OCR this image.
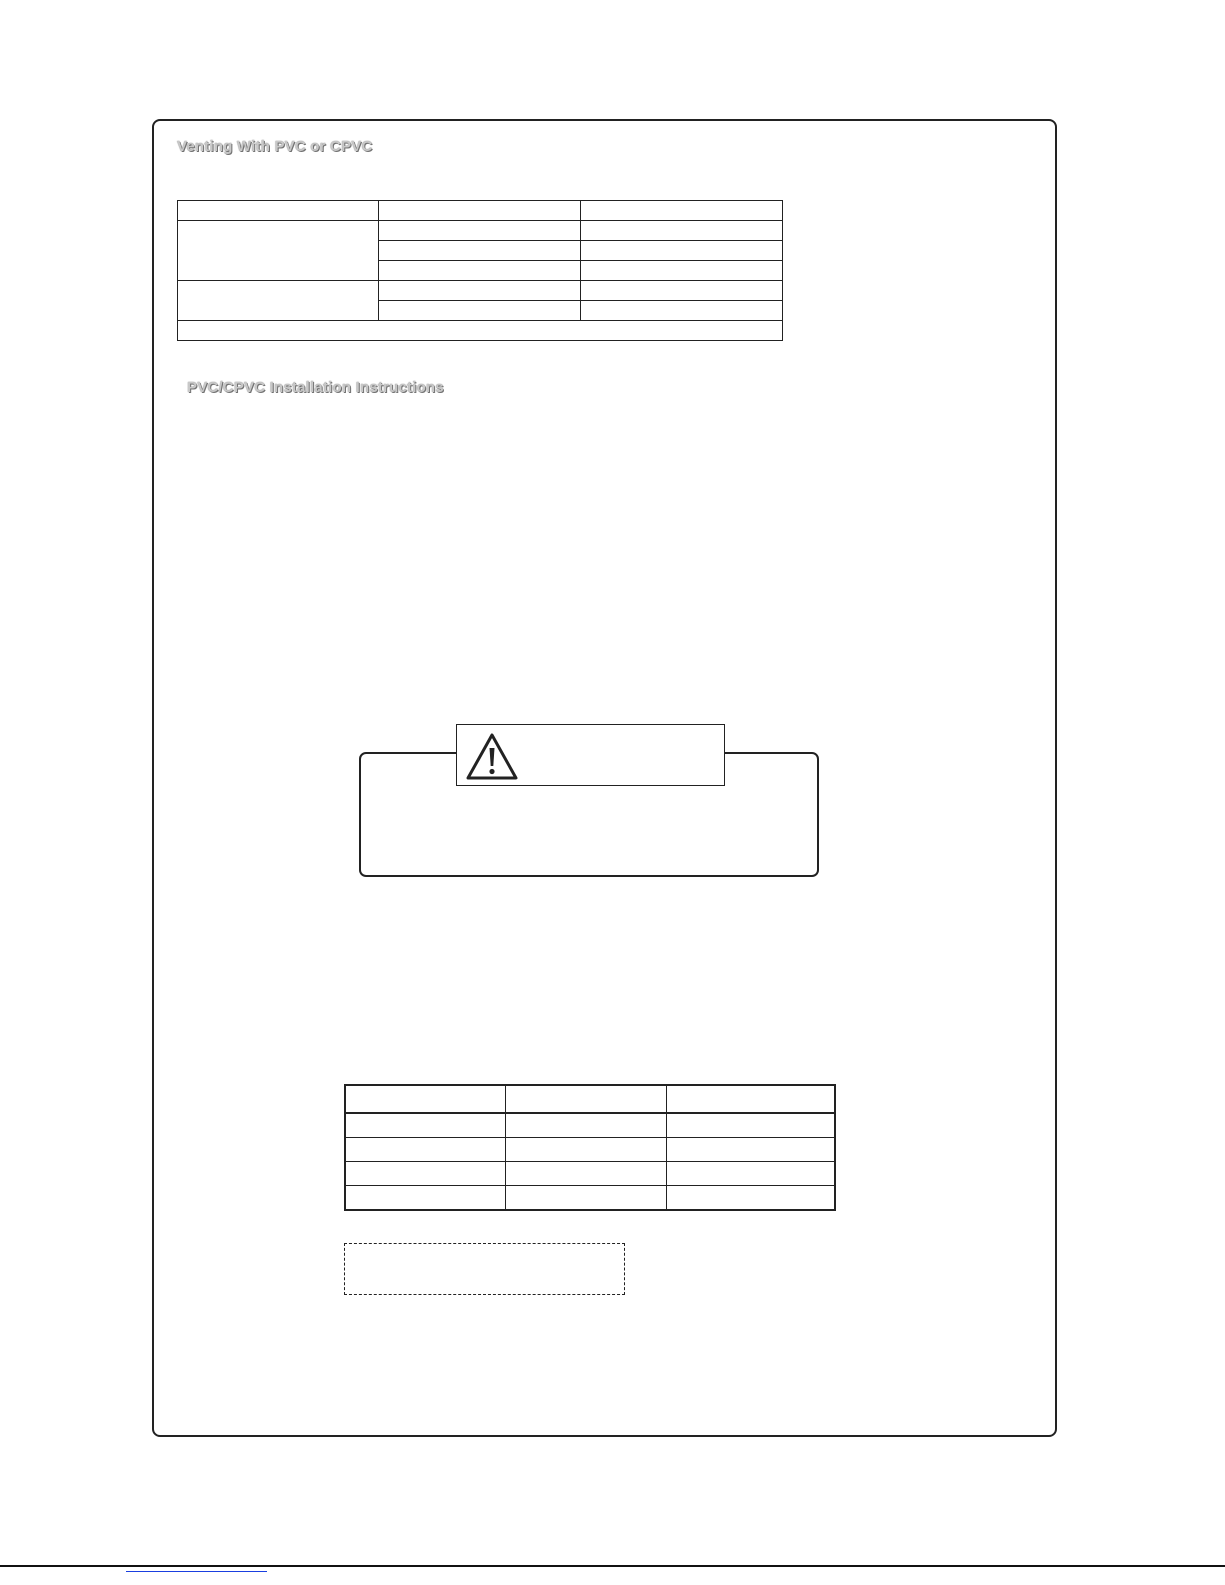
Venting With PVC or CPVC

PVC/CPVC Installation Instructions
